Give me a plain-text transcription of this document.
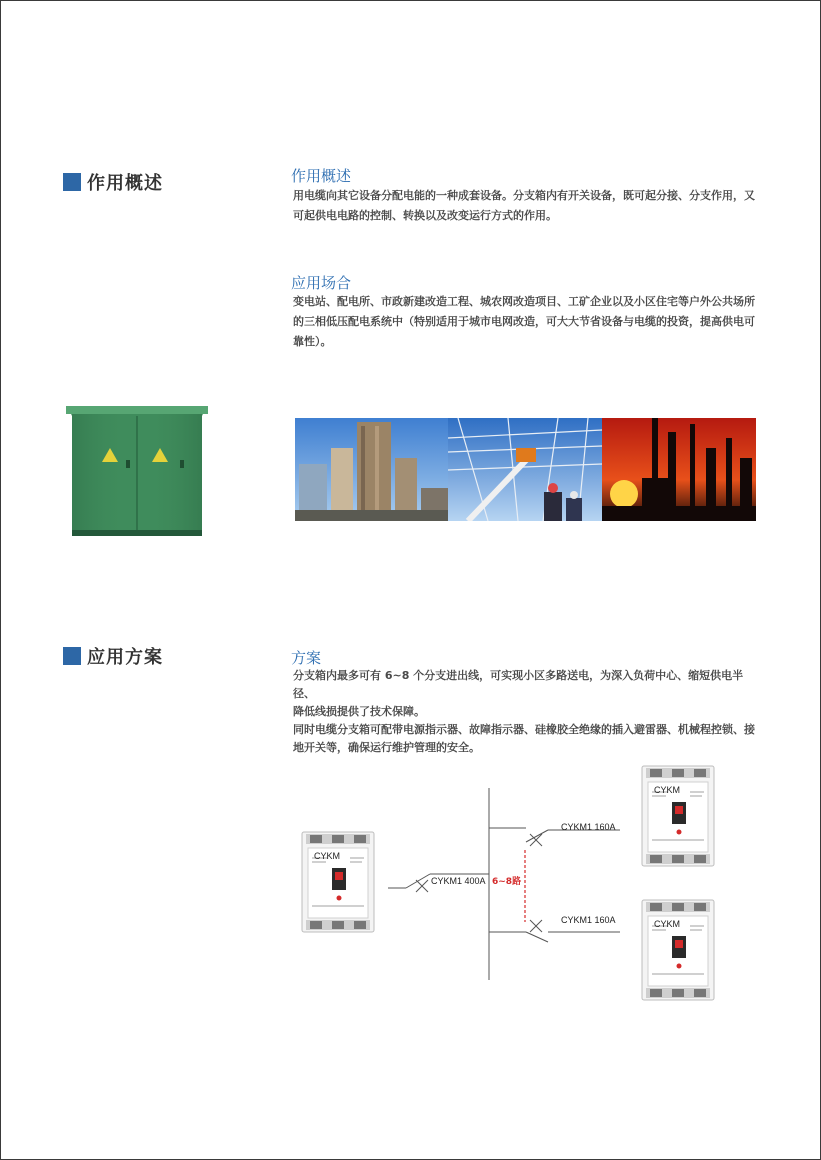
作用概述	作用概述

用电缆向其它设备分配电能的一种成套设备。分支箱内有开关设备，既可起分接、分支作用，又
可起供电电路的控制、转换以及改变运行方式的作用。

应用场合

变电站、配电所、市政新建改造工程、城农网改造项目、工矿企业以及小区住宅等户外公共场所
的三相低压配电系统中（特别适用于城市电网改造，可大大节省设备与电缆的投资，提高供电可
靠性）。

应用方案	方案

分支箱内最多可有 6~8 个分支进出线，可实现小区多路送电，为深入负荷中心、缩短供电半径、
降低线损提供了技术保障。
同时电缆分支箱可配带电源指示器、故障指示器、硅橡胶全绝缘的插入避雷器、机械程控锁、接
地开关等，确保运行维护管理的安全。

CYKM
CYKM
CYKM
CYKM1 400A
CYKM1 160A
CYKM1 160A
6~8路
